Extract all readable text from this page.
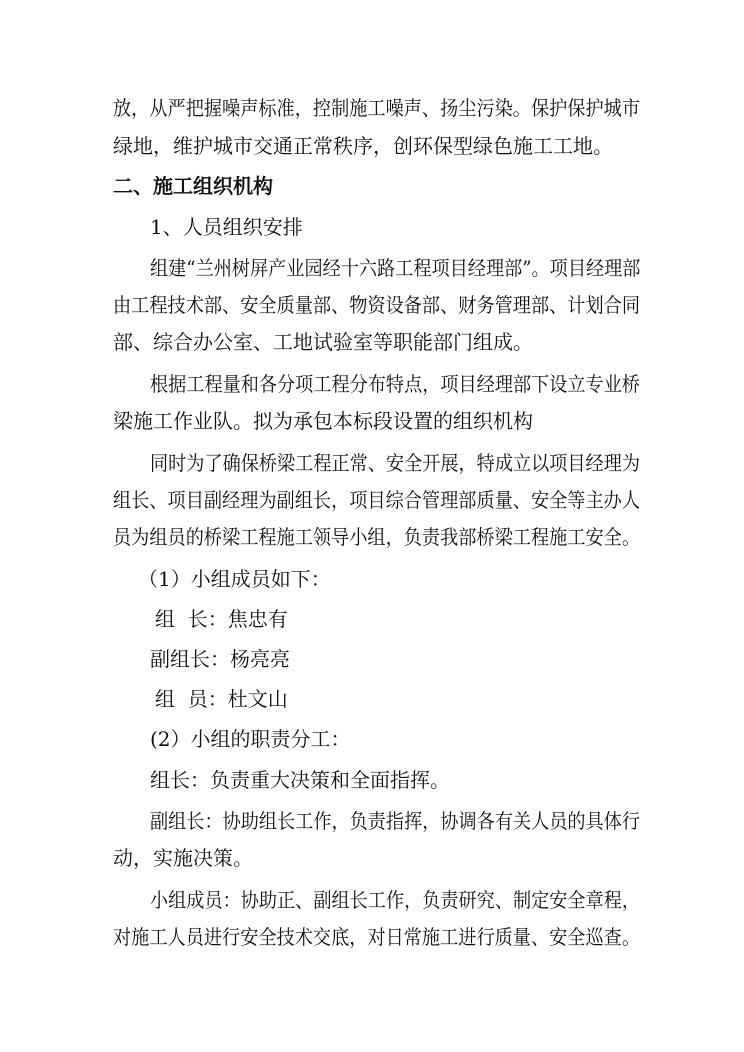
放，从严把握噪声标准，控制施工噪声、扬尘污染。保护保护城市
绿地，维护城市交通正常秩序，创环保型绿色施工工地。
二、施工组织机构
1、人员组织安排
组建“兰州树屏产业园经十六路工程项目经理部”。项目经理部
由工程技术部、安全质量部、物资设备部、财务管理部、计划合同
部、综合办公室、工地试验室等职能部门组成。
根据工程量和各分项工程分布特点，项目经理部下设立专业桥
梁施工作业队。拟为承包本标段设置的组织机构
同时为了确保桥梁工程正常、安全开展，特成立以项目经理为
组长、项目副经理为副组长，项目综合管理部质量、安全等主办人
员为组员的桥梁工程施工领导小组，负责我部桥梁工程施工安全。
（1）小组成员如下：
组  长：焦忠有
副组长：杨亮亮
组  员：杜文山
(2）小组的职责分工：
组长：负责重大决策和全面指挥。
副组长：协助组长工作，负责指挥，协调各有关人员的具体行
动，实施决策。
小组成员：协助正、副组长工作，负责研究、制定安全章程，
对施工人员进行安全技术交底，对日常施工进行质量、安全巡查。
